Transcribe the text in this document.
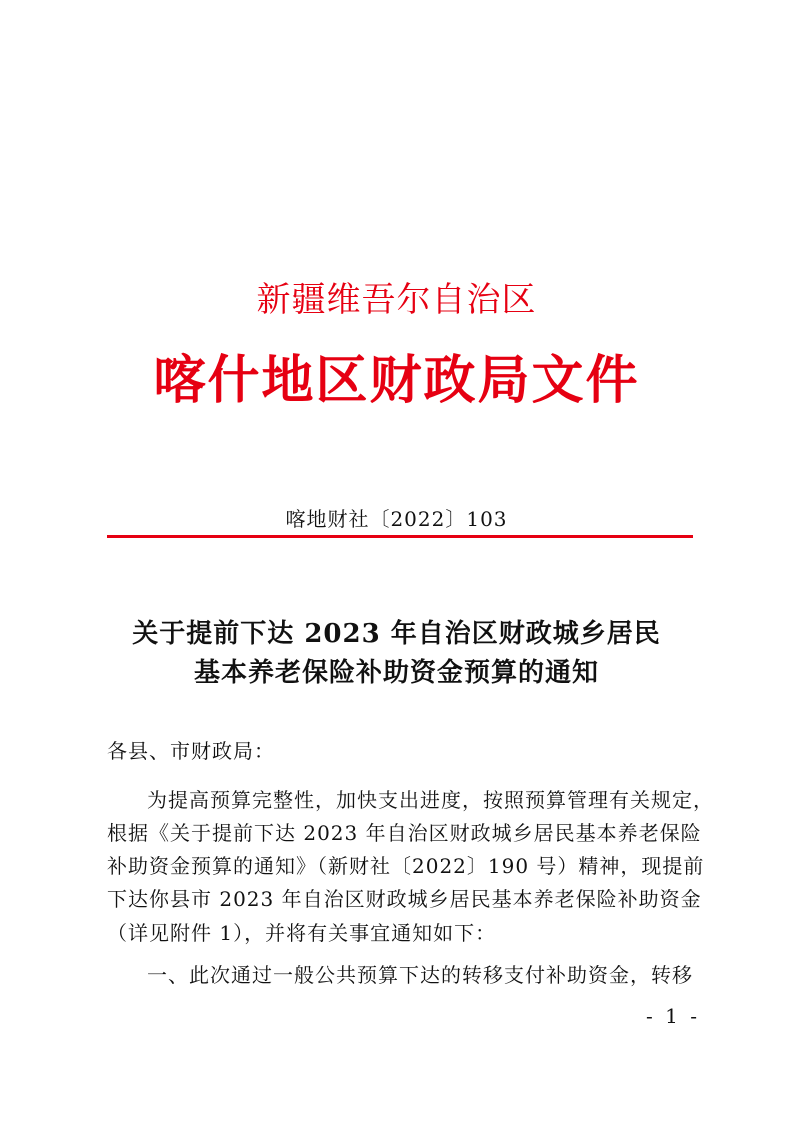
新疆维吾尔自治区
喀什地区财政局文件
喀地财社〔2022〕103
关于提前下达 2023 年自治区财政城乡居民
基本养老保险补助资金预算的通知
各县、市财政局：
为提高预算完整性，加快支出进度，按照预算管理有关规定，
根据《关于提前下达 2023 年自治区财政城乡居民基本养老保险
补助资金预算的通知》（新财社〔2022〕190 号）精神，现提前
下达你县市 2023 年自治区财政城乡居民基本养老保险补助资金
（详见附件 1），并将有关事宜通知如下：
一、此次通过一般公共预算下达的转移支付补助资金，转移
- 1 -
